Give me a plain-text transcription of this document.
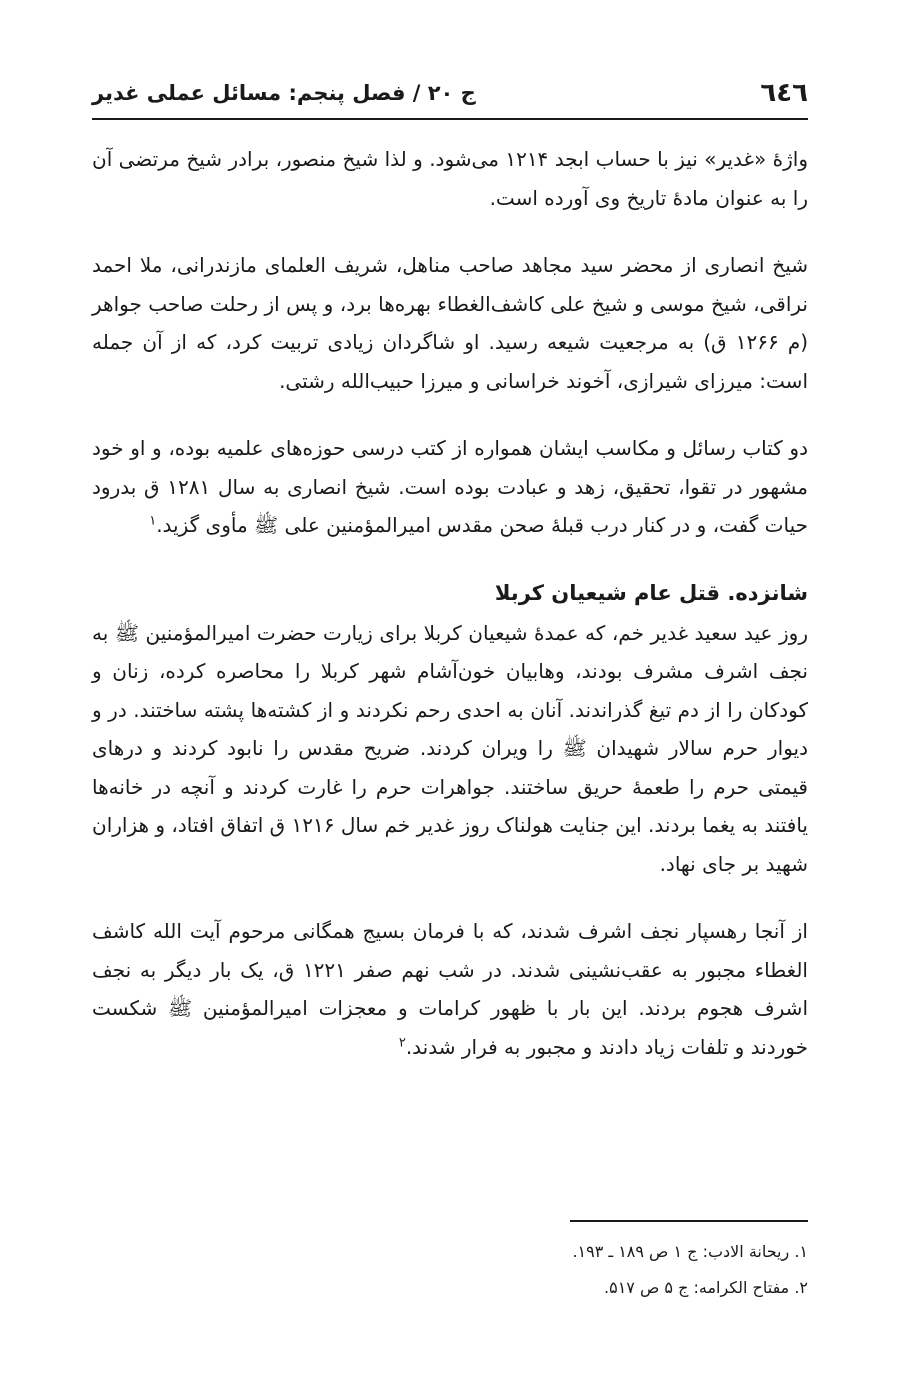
٦٤٦
ج ٢٠ / فصل پنجم: مسائل عملی غدیر

واژهٔ «غدیر» نیز با حساب ابجد ۱۲۱۴ می‌شود. و لذا شیخ منصور، برادر شیخ مرتضی آن را به عنوان مادهٔ تاریخ وی آورده است.

شیخ انصاری از محضر سید مجاهد صاحب مناهل، شریف العلمای مازندرانی، ملا احمد نراقی، شیخ موسی و شیخ علی کاشف‌الغطاء بهره‌ها برد، و پس از رحلت صاحب جواهر (م ۱۲۶۶ ق) به مرجعیت شیعه رسید. او شاگردان زیادی تربیت کرد، که از آن جمله است: میرزای شیرازی، آخوند خراسانی و میرزا حبیب‌الله رشتی.

دو کتاب رسائل و مکاسب ایشان همواره از کتب درسی حوزه‌های علمیه بوده، و او خود مشهور در تقوا، تحقیق، زهد و عبادت بوده است. شیخ انصاری به سال ۱۲۸۱ ق بدرود حیات گفت، و در کنار درب قبلهٔ صحن مقدس امیرالمؤمنین علی ﷺ مأوی گزید.$^۱$

شانزده. قتل عام شیعیان کربلا

روز عید سعید غدیر خم، که عمدهٔ شیعیان کربلا برای زیارت حضرت امیرالمؤمنین ﷺ به نجف اشرف مشرف بودند، وهابیان خون‌آشام شهر کربلا را محاصره کرده، زنان و کودکان را از دم تیغ گذراندند. آنان به احدی رحم نکردند و از کشته‌ها پشته ساختند. در و دیوار حرم سالار شهیدان ﷺ را ویران کردند. ضریح مقدس را نابود کردند و درهای قیمتی حرم را طعمهٔ حریق ساختند. جواهرات حرم را غارت کردند و آنچه در خانه‌ها یافتند به یغما بردند. این جنایت هولناک روز غدیر خم سال ۱۲۱۶ ق اتفاق افتاد، و هزاران شهید بر جای نهاد.

از آنجا رهسپار نجف اشرف شدند، که با فرمان بسیج همگانی مرحوم آیت الله کاشف الغطاء مجبور به عقب‌نشینی شدند. در شب نهم صفر ۱۲۲۱ ق، یک بار دیگر به نجف اشرف هجوم بردند. این بار با ظهور کرامات و معجزات امیرالمؤمنین ﷺ شکست خوردند و تلفات زیاد دادند و مجبور به فرار شدند.$^۲$

۱. ریحانة الادب: ج ۱ ص ۱۸۹ ـ ۱۹۳.
۲. مفتاح الکرامه: ج ۵ ص ۵۱۷.
